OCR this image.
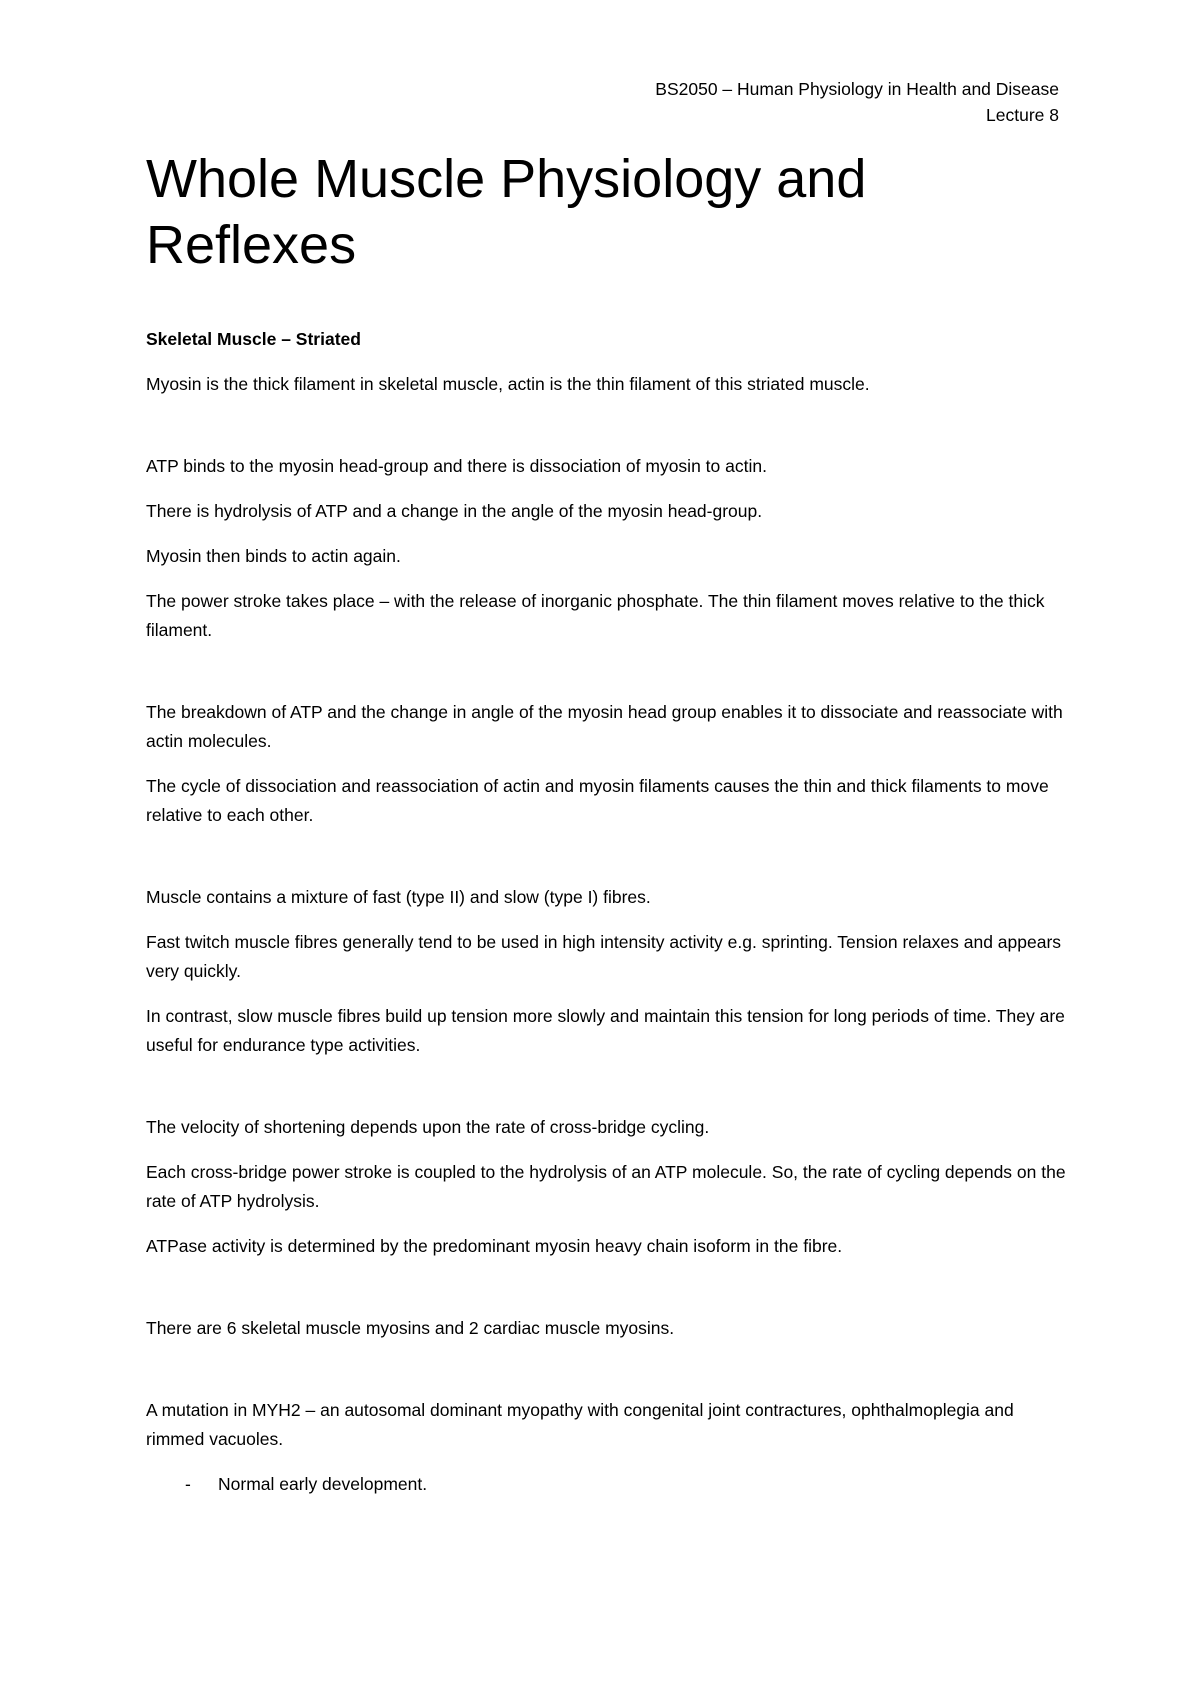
BS2050 – Human Physiology in Health and Disease
Lecture 8
Whole Muscle Physiology and Reflexes

Skeletal Muscle – Striated

Myosin is the thick filament in skeletal muscle, actin is the thin filament of this striated muscle.

ATP binds to the myosin head-group and there is dissociation of myosin to actin.

There is hydrolysis of ATP and a change in the angle of the myosin head-group.

Myosin then binds to actin again.

The power stroke takes place – with the release of inorganic phosphate. The thin filament moves relative to the thick filament.

The breakdown of ATP and the change in angle of the myosin head group enables it to dissociate and reassociate with actin molecules.

The cycle of dissociation and reassociation of actin and myosin filaments causes the thin and thick filaments to move relative to each other.

Muscle contains a mixture of fast (type II) and slow (type I) fibres.

Fast twitch muscle fibres generally tend to be used in high intensity activity e.g. sprinting. Tension relaxes and appears very quickly.

In contrast, slow muscle fibres build up tension more slowly and maintain this tension for long periods of time. They are useful for endurance type activities.

The velocity of shortening depends upon the rate of cross-bridge cycling.

Each cross-bridge power stroke is coupled to the hydrolysis of an ATP molecule. So, the rate of cycling depends on the rate of ATP hydrolysis.

ATPase activity is determined by the predominant myosin heavy chain isoform in the fibre.

There are 6 skeletal muscle myosins and 2 cardiac muscle myosins.

A mutation in MYH2 – an autosomal dominant myopathy with congenital joint contractures, ophthalmoplegia and rimmed vacuoles.

- Normal early development.
